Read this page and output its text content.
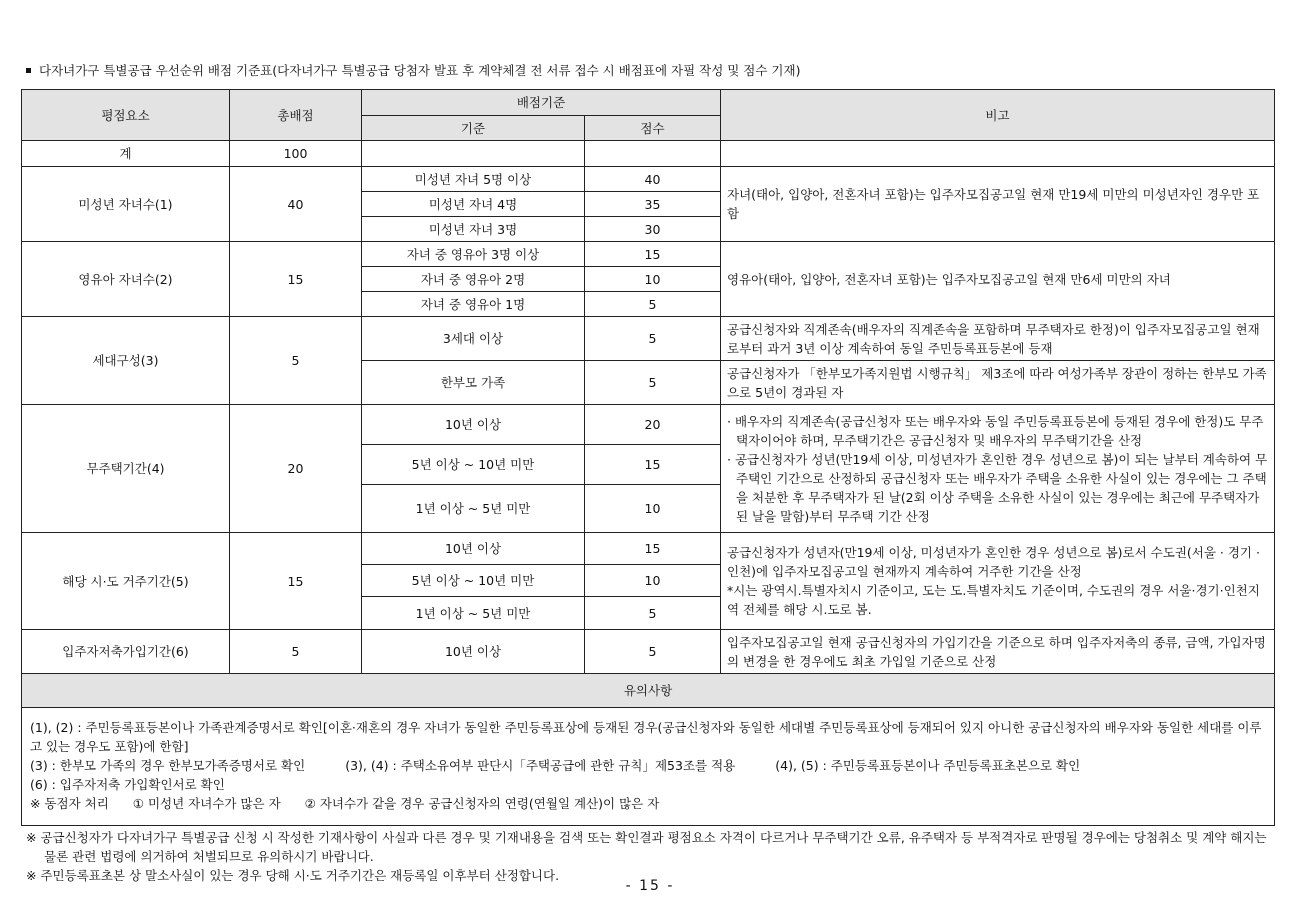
다자녀가구 특별공급 우선순위 배점 기준표(다자녀가구 특별공급 당첨자 발표 후 계약체결 전 서류 접수 시 배점표에 자필 작성 및 점수 기재)
평점요소	총배점	배점기준		비고
		기준	점수	
계	100			
미성년 자녀수(1)	40	미성년 자녀 5명 이상	40	자녀(태아, 입양아, 전혼자녀 포함)는 입주자모집공고일 현재 만19세 미만의 미성년자인 경우만 포함
		미성년 자녀 4명	35	
		미성년 자녀 3명	30	
영유아 자녀수(2)	15	자녀 중 영유아 3명 이상	15	영유아(태아, 입양아, 전혼자녀 포함)는 입주자모집공고일 현재 만6세 미만의 자녀
		자녀 중 영유아 2명	10	
		자녀 중 영유아 1명	5	
세대구성(3)	5	3세대 이상	5	공급신청자와 직계존속(배우자의 직계존속을 포함하며 무주택자로 한정)이 입주자모집공고일 현재로부터 과거 3년 이상 계속하여 동일 주민등록표등본에 등재
		한부모 가족	5	공급신청자가 「한부모가족지원법 시행규칙」 제3조에 따라 여성가족부 장관이 정하는 한부모 가족으로 5년이 경과된 자
무주택기간(4)	20	10년 이상	20	· 배우자의 직계존속(공급신청자 또는 배우자와 동일 주민등록표등본에 등재된 경우에 한정)도 무주택자이어야 하며, 무주택기간은 공급신청자 및 배우자의 무주택기간을 산정
· 공급신청자가 성년(만19세 이상, 미성년자가 혼인한 경우 성년으로 봄)이 되는 날부터 계속하여 무주택인 기간으로 산정하되 공급신청자 또는 배우자가 주택을 소유한 사실이 있는 경우에는 그 주택을 처분한 후 무주택자가 된 날(2회 이상 주택을 소유한 사실이 있는 경우에는 최근에 무주택자가 된 날을 말함)부터 무주택 기간 산정

		5년 이상 ~ 10년 미만	15	
		1년 이상 ~ 5년 미만	10	
해당 시·도 거주기간(5)	15	10년 이상	15	공급신청자가 성년자(만19세 이상, 미성년자가 혼인한 경우 성년으로 봄)로서 수도권(서울 · 경기 · 인천)에 입주자모집공고일 현재까지 계속하여 거주한 기간을 산정
*시는 광역시.특별자치시 기준이고, 도는 도.특별자치도 기준이며, 수도권의 경우 서울·경기·인천지역 전체를 해당 시.도로 봄.

		5년 이상 ~ 10년 미만	10	
		1년 이상 ~ 5년 미만	5	
입주자저축가입기간(6)	5	10년 이상	5	입주자모집공고일 현재 공급신청자의 가입기간을 기준으로 하며 입주자저축의 종류, 금액, 가입자명의 변경을 한 경우에도 최초 가입일 기준으로 산정
유의사항				

(1), (2) : 주민등록표등본이나 가족관계증명서로 확인[이혼·재혼의 경우 자녀가 동일한 주민등록표상에 등재된 경우(공급신청자와 동일한 세대별 주민등록표상에 등재되어 있지 아니한 공급신청자의 배우자와 동일한 세대를 이루고 있는 경우도 포함)에 한함]
(3) : 한부모 가족의 경우 한부모가족증명서로 확인 (3), (4) : 주택소유여부 판단시「주택공급에 관한 규칙」제53조를 적용 (4), (5) : 주민등록표등본이나 주민등록표초본으로 확인
(6) : 입주자저축 가입확인서로 확인
※ 동점자 처리 ① 미성년 자녀수가 많은 자 ② 자녀수가 같을 경우 공급신청자의 연령(연월일 계산)이 많은 자				
※ 공급신청자가 다자녀가구 특별공급 신청 시 작성한 기재사항이 사실과 다른 경우 및 기재내용을 검색 또는 확인결과 평점요소 자격이 다르거나 무주택기간 오류, 유주택자 등 부적격자로 판명될 경우에는 당첨취소 및 계약 해지는 물론 관련 법령에 의거하여 처벌되므로 유의하시기 바랍니다.
※ 주민등록표초본 상 말소사실이 있는 경우 당해 시·도 거주기간은 재등록일 이후부터 산정합니다.
- 15 -
